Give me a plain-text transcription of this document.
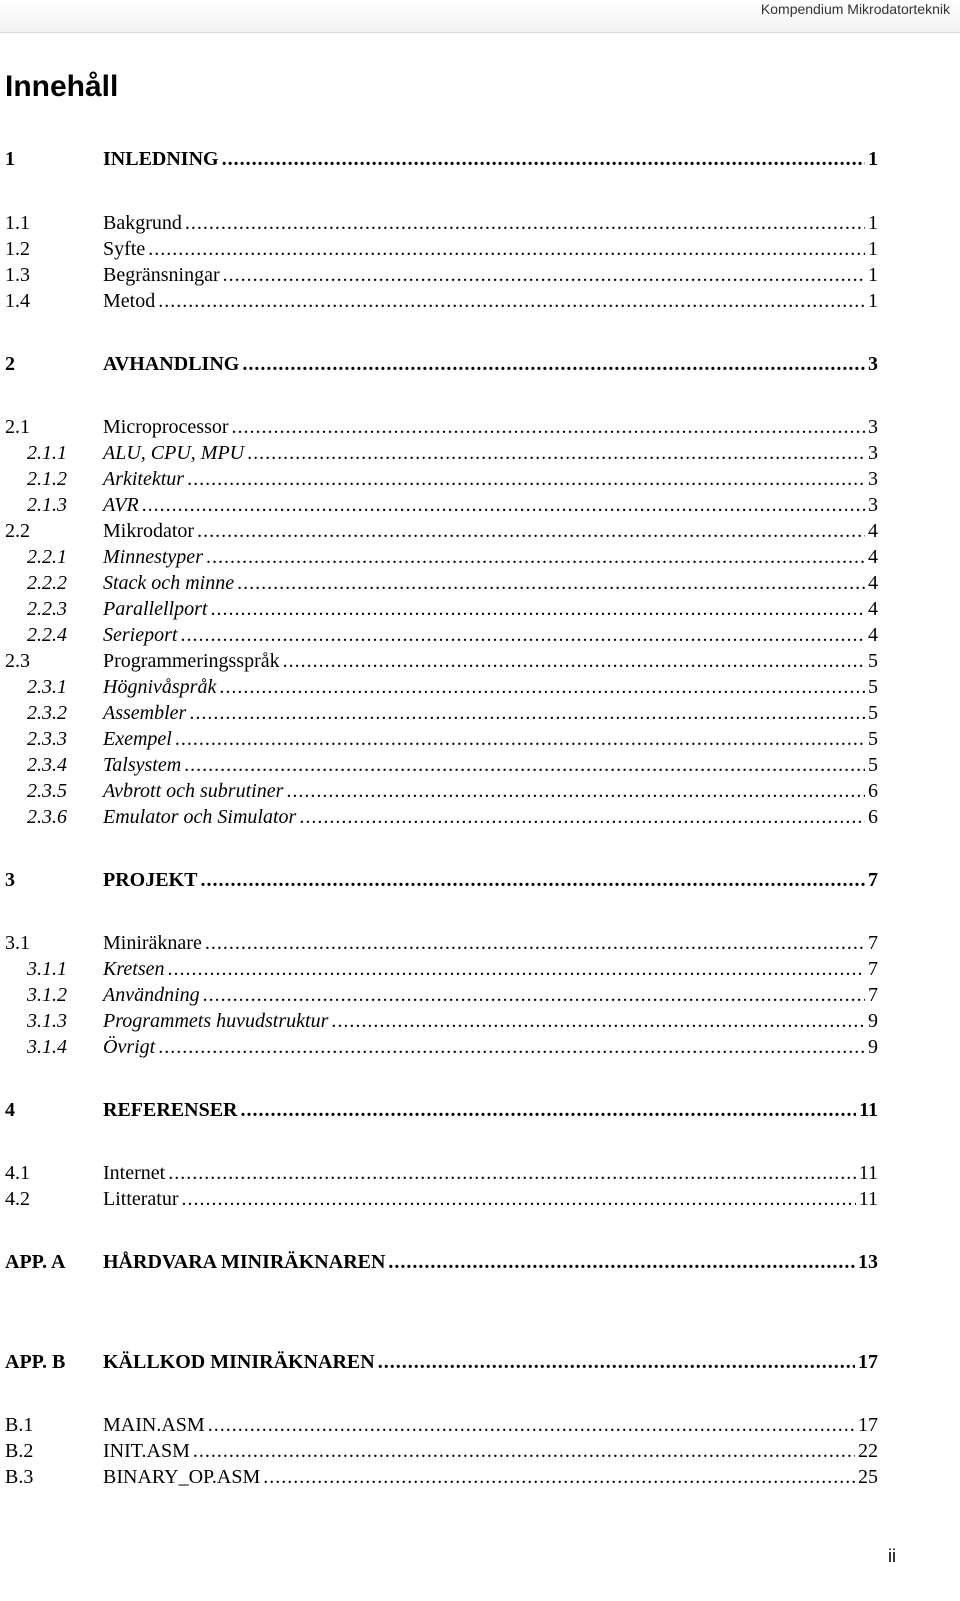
Kompendium Mikrodatorteknik
Innehåll
1	INLEDNING .....	1
1.1	Bakgrund .....	1
1.2	Syfte .....	1
1.3	Begränsningar .....	1
1.4	Metod .....	1
2	AVHANDLING .....	3
2.1	Microprocessor .....	3
2.1.1	ALU, CPU, MPU .....	3
2.1.2	Arkitektur .....	3
2.1.3	AVR .....	3
2.2	Mikrodator .....	4
2.2.1	Minnestyper .....	4
2.2.2	Stack och minne .....	4
2.2.3	Parallellport .....	4
2.2.4	Serieport .....	4
2.3	Programmeringsspråk .....	5
2.3.1	Högnivåspråk .....	5
2.3.2	Assembler .....	5
2.3.3	Exempel .....	5
2.3.4	Talsystem .....	5
2.3.5	Avbrott och subrutiner .....	6
2.3.6	Emulator och Simulator .....	6
3	PROJEKT .....	7
3.1	Miniräknare .....	7
3.1.1	Kretsen .....	7
3.1.2	Användning .....	7
3.1.3	Programmets huvudstruktur .....	9
3.1.4	Övrigt .....	9
4	REFERENSER .....	11
4.1	Internet .....	11
4.2	Litteratur .....	11
APP. A	HÅRDVARA MINIRÄKNAREN .....	13
APP. B	KÄLLKOD MINIRÄKNAREN .....	17
B.1	MAIN.ASM .....	17
B.2	INIT.ASM .....	22
B.3	BINARY_OP.ASM .....	25
ii
